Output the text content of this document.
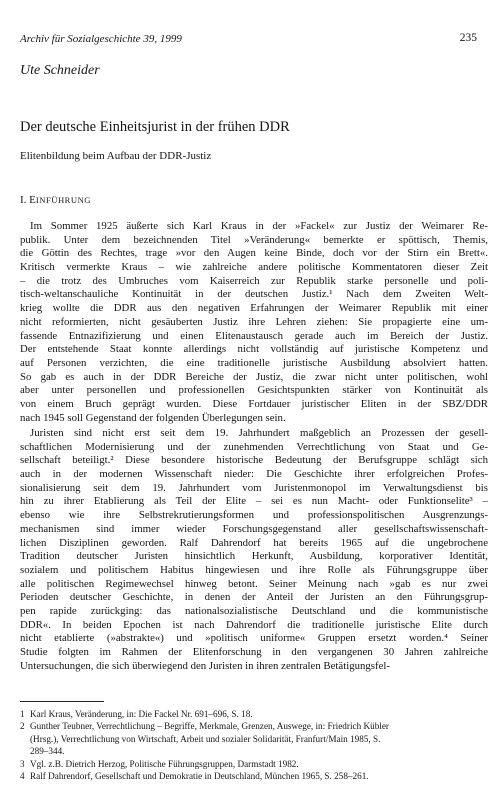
Archiv für Sozialgeschichte 39, 1999	235
Ute Schneider
Der deutsche Einheitsjurist in der frühen DDR
Elitenbildung beim Aufbau der DDR-Justiz
I. EINFÜHRUNG
Im Sommer 1925 äußerte sich Karl Kraus in der »Fackel« zur Justiz der Weimarer Re-
publik. Unter dem bezeichnenden Titel »Veränderung« bemerkte er spöttisch, Themis,
die Göttin des Rechtes, trage »vor den Augen keine Binde, doch vor der Stirn ein Brett«.
Kritisch vermerkte Kraus – wie zahlreiche andere politische Kommentatoren dieser Zeit
– die trotz des Umbruches vom Kaiserreich zur Republik starke personelle und poli-
tisch-weltanschauliche Kontinuität in der deutschen Justiz.¹ Nach dem Zweiten Welt-
krieg wollte die DDR aus den negativen Erfahrungen der Weimarer Republik mit einer
nicht reformierten, nicht gesäuberten Justiz ihre Lehren ziehen: Sie propagierte eine um-
fassende Entnazifizierung und einen Elitenaustausch gerade auch im Bereich der Justiz.
Der entstehende Staat konnte allerdings nicht vollständig auf juristische Kompetenz und
auf Personen verzichten, die eine traditionelle juristische Ausbildung absolviert hatten.
So gab es auch in der DDR Bereiche der Justiz, die zwar nicht unter politischen, wohl
aber unter personellen und professionellen Gesichtspunkten stärker von Kontinuität als
von einem Bruch geprägt wurden. Diese Fortdauer juristischer Eliten in der SBZ/DDR
nach 1945 soll Gegenstand der folgenden Überlegungen sein.
Juristen sind nicht erst seit dem 19. Jahrhundert maßgeblich an Prozessen der gesell-
schaftlichen Modernisierung und der zunehmenden Verrechtlichung von Staat und Ge-
sellschaft beteiligt.² Diese besondere historische Bedeutung der Berufsgruppe schlägt sich
auch in der modernen Wissenschaft nieder: Die Geschichte ihrer erfolgreichen Profes-
sionalisierung seit dem 19. Jahrhundert vom Juristenmonopol im Verwaltungsdienst bis
hin zu ihrer Etablierung als Teil der Elite – sei es nun Macht- oder Funktionselite³ –
ebenso wie ihre Selbstrekrutierungsformen und professionspolitischen Ausgrenzungs-
mechanismen sind immer wieder Forschungsgegenstand aller gesellschaftswissenschaft-
lichen Disziplinen geworden. Ralf Dahrendorf hat bereits 1965 auf die ungebrochene
Tradition deutscher Juristen hinsichtlich Herkunft, Ausbildung, korporativer Identität,
sozialem und politischem Habitus hingewiesen und ihre Rolle als Führungsgruppe über
alle politischen Regimewechsel hinweg betont. Seiner Meinung nach »gab es nur zwei
Perioden deutscher Geschichte, in denen der Anteil der Juristen an den Führungsgrup-
pen rapide zurückging: das nationalsozialistische Deutschland und die kommunistische
DDR«. In beiden Epochen ist nach Dahrendorf die traditionelle juristische Elite durch
nicht etablierte (»abstrakte«) und »politisch uniforme« Gruppen ersetzt worden.⁴ Seiner
Studie folgten im Rahmen der Elitenforschung in den vergangenen 30 Jahren zahlreiche
Untersuchungen, die sich überwiegend den Juristen in ihren zentralen Betätigungsfel-
1 Karl Kraus, Veränderung, in: Die Fackel Nr. 691–696, S. 18.
2 Gunther Teubner, Verrechtlichung – Begriffe, Merkmale, Grenzen, Auswege, in: Friedrich Kübler
(Hrsg.), Verrechtlichung von Wirtschaft, Arbeit und sozialer Solidarität, Franfurt/Main 1985, S.
289–344.
3 Vgl. z.B. Dietrich Herzog, Politische Führungsgruppen, Darmstadt 1982.
4 Ralf Dahrendorf, Gesellschaft und Demokratie in Deutschland, München 1965, S. 258–261.
